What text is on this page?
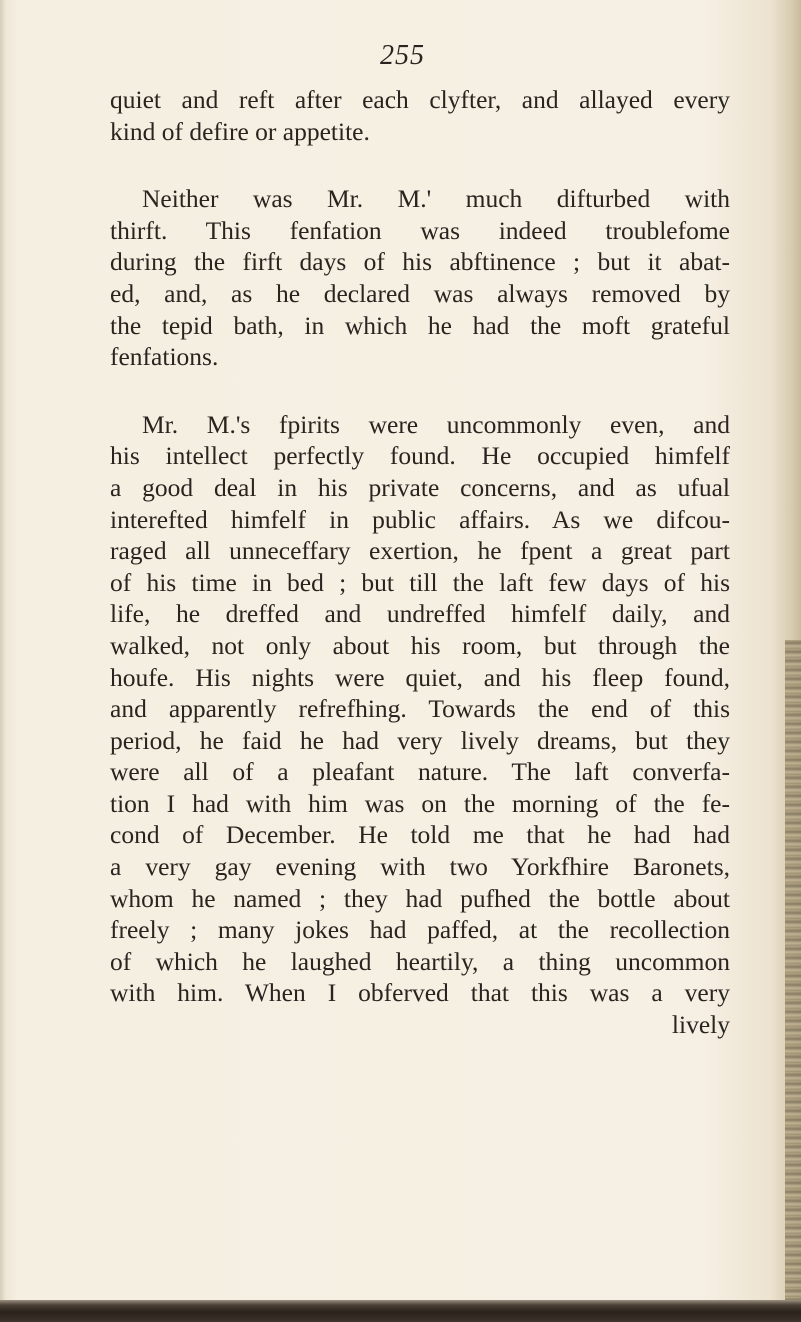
255
quiet and reft after each clyfter, and allayed every
kind of defire or appetite.
Neither was Mr. M.' much difturbed with
thirft. This fenfation was indeed troublefome
during the firft days of his abftinence ; but it abat-
ed, and, as he declared was always removed by
the tepid bath, in which he had the moft grateful
fenfations.
Mr. M.'s fpirits were uncommonly even, and
his intellect perfectly found. He occupied himfelf
a good deal in his private concerns, and as ufual
interefted himfelf in public affairs. As we difcou-
raged all unneceffary exertion, he fpent a great part
of his time in bed ; but till the laft few days of his
life, he dreffed and undreffed himfelf daily, and
walked, not only about his room, but through the
houfe. His nights were quiet, and his fleep found,
and apparently refrefhing. Towards the end of this
period, he faid he had very lively dreams, but they
were all of a pleafant nature. The laft converfa-
tion I had with him was on the morning of the fe-
cond of December. He told me that he had had
a very gay evening with two Yorkfhire Baronets,
whom he named ; they had pufhed the bottle about
freely ; many jokes had paffed, at the recollection
of which he laughed heartily, a thing uncommon
with him. When I obferved that this was a very
lively
